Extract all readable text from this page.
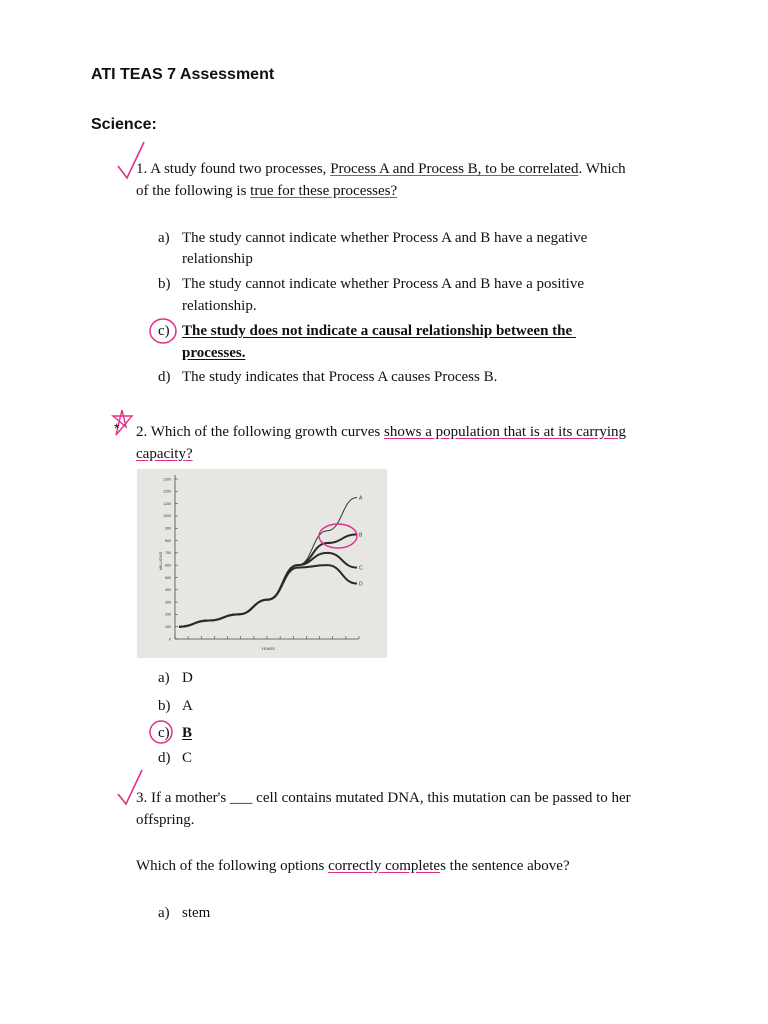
ATI TEAS 7 Assessment
Science:
1. A study found two processes, Process A and Process B, to be correlated. Which
of the following is true for these processes?
a) The study cannot indicate whether Process A and B have a negative
relationship
b) The study cannot indicate whether Process A and B have a positive
relationship.
c) The study does not indicate a causal relationship between the
processes.
d) The study indicates that Process A causes Process B.
* 2. Which of the following growth curves shows a population that is at its carrying
capacity?
1300
1200
1100
1000
900
800
700
600
500
400
300
200
100
0
MILLIONS
YEARS
A
B
C
D
a) D
b) A
c) B
d) C
3. If a mother's ___ cell contains mutated DNA, this mutation can be passed to her
offspring.
Which of the following options correctly completes the sentence above?
a) stem
